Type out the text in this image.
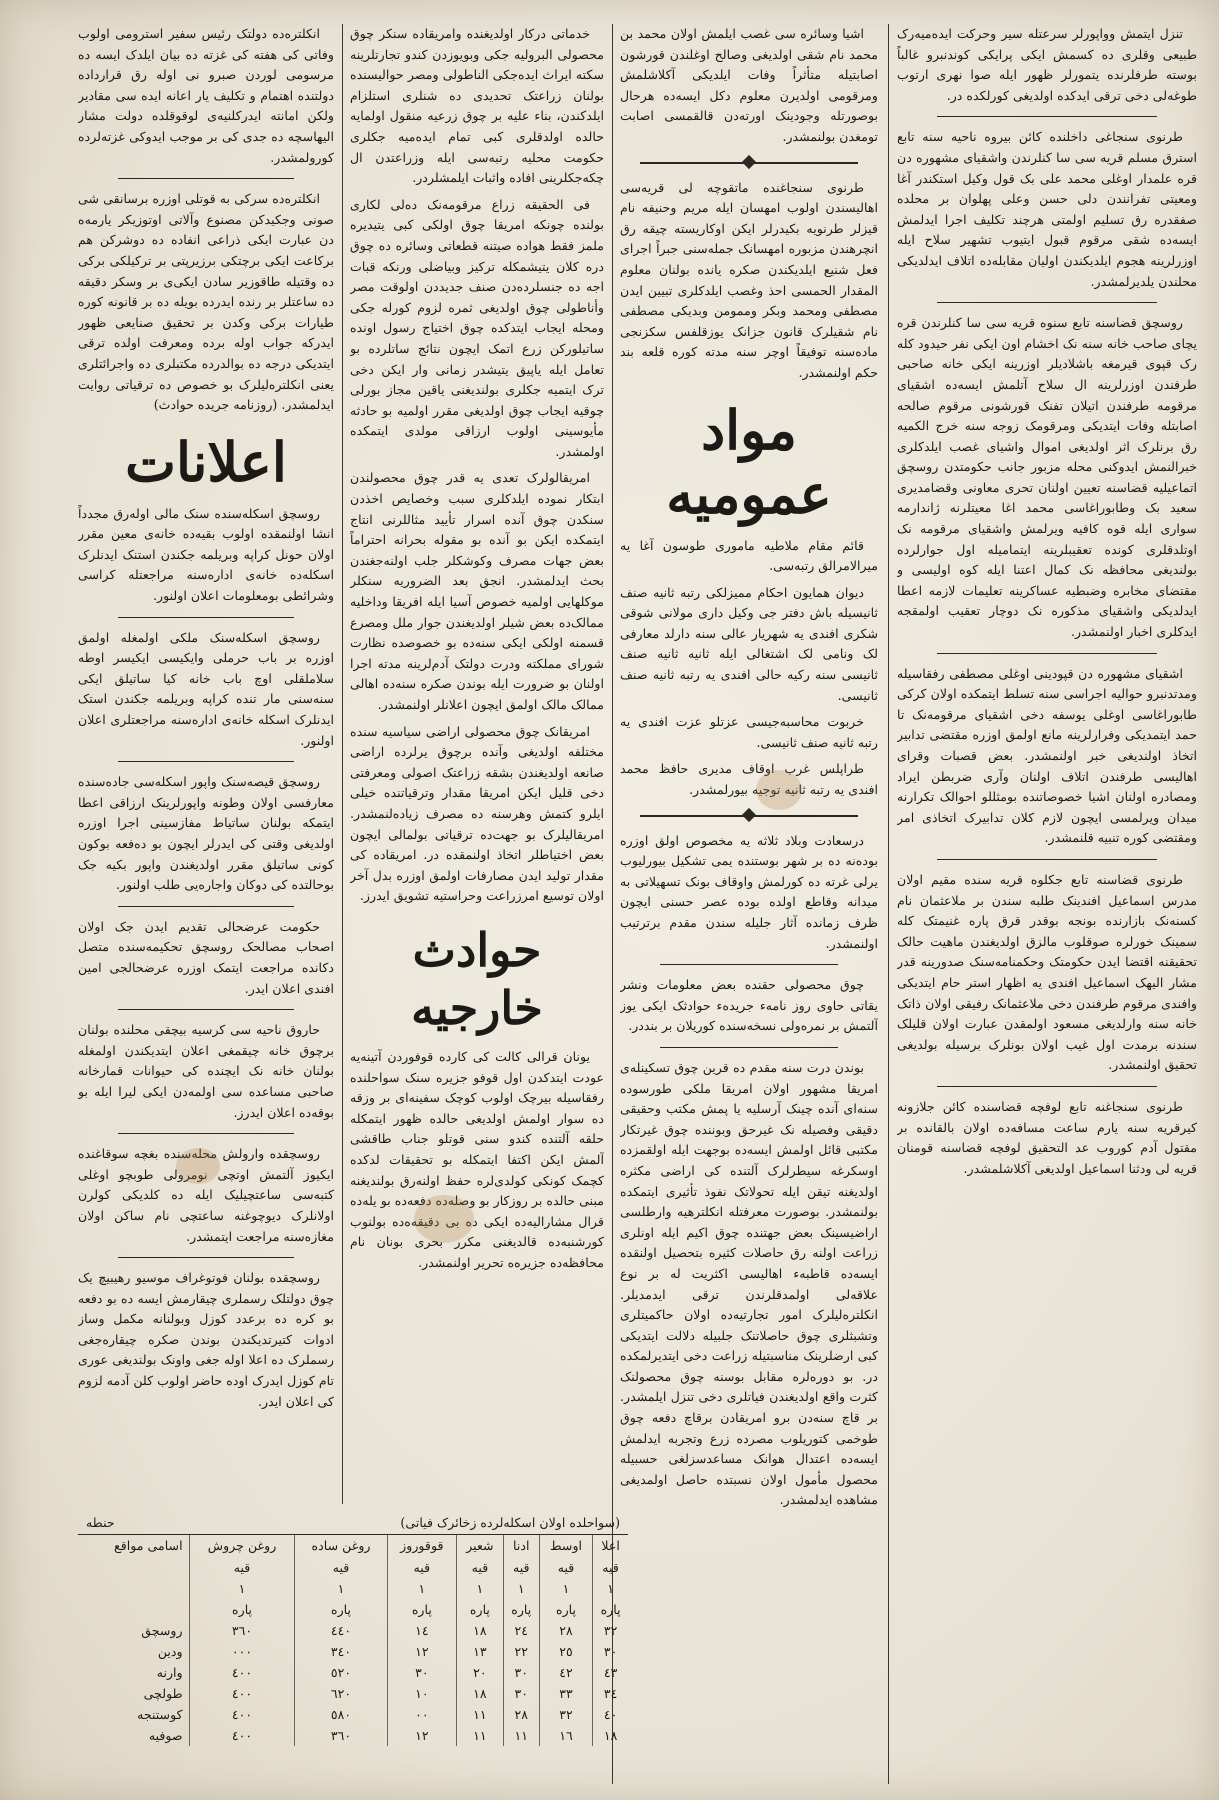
تنزل ایتمش وواپورلر سرعتله سیر وحرکت ایده‌میه‌رک طبیعی وقلری ده کسمش ایکی پرایکی کوندنبرو غالباً بوسته طرفلرنده یتمورلر ظهور ایله صوا نهری ارتوب طوغه‌لی دخی ترقی ایدکده اولدیغی کورلکده در.

طرنوی سنجاغی داخلنده کائن بیروه ناحیه سنه تابع استرق مسلم قریه سی سا کنلرندن واشقیای مشهوره دن قره علمدار اوغلی محمد علی بک قول وکیل استکندر آغا ومعیتی تفرانندن دلی حسن وعلی پهلوان بر محلده صفقدره رق تسلیم اولمتی هرچند تکلیف اجرا ایدلمش ایسه‌ده شقی مرقوم قبول ایتیوب تشهیر سلاح ایله اوزرلرینه هجوم ایلدیکندن اولیان مقابله‌ده اتلاف ایدلدیکی محلندن یلدیرلمشدر.

روسچق قضاسنه تابع سنوه قریه سی سا کنلرندن قره یچای صاحب خانه سنه نک اخشام اون ایکی نفر حیدود کله رک قپوی قیرمغه باشلادیلر اوزرینه ایکی خانه صاحبی طرفندن اوزرلرینه ال سلاح آتلمش ایسه‌ده اشقیای مرقومه طرفندن اتیلان تفنک قورشونی مرقوم صالحه اصابتله وفات ایتدیکی ومرقومک زوجه سنه خرج الکمیه رق برنلرک اثر اولدیغی اموال واشیای غصب ایلدکلری خبرالنمش ایدوکنی محله مزبور جانب حکومتدن روسچق اتماعیلیه قضاسنه تعیین اولنان تحری معاونی وقضامدیری سعید بک وطابوراغاسی محمد اغا معیتلرنه ژاندارمه سواری ایله قوه کافیه ویرلمش واشقیای مرقومه نک اوتلدقلری کونده تعقیبلرینه ایتمامیله اول جوارلرده بولندیغی محافظه نک کمال اعتنا ایله کوه اولیسی و مقتضای مخابره وضبطیه عساکرینه تعلیمات لازمه اعطا ایدلدیکی واشقیای مذکوره نک دوچار تعقیب اولمقجه ایدکلری اخبار اولنمشدر.

اشقیای مشهوره دن قپودینی اوغلی مصطفی رفقاسیله ومدتدنبرو حوالیه اجراسی سنه تسلط ایتمکده اولان کرکی طابوراغاسی اوغلی یوسفه دخی اشقیای مرقومه‌نک تا حمد ایتمدیکی وفرارلرینه مانع اولمق اوزره مقتضی تدابیر اتخاذ اولندیغی خبر اولنمشدر. بعض قصبات وقرای اهالیسی طرفندن اتلاف اولنان وآری ضربطن ایراد ومصادره اولنان اشیا خصوصاتنده بومثللو احوالک تکرارنه میدان ویرلمسی ایچون لازم کلان تدابیرک اتخاذی امر ومقتضی کوره تنبیه قلنمشدر.

طرنوی قضاسنه تابع جکلوه قریه سنده مقیم اولان مدرس اسماعیل افندینک طلبه سندن بر ملاعثمان نام کسنه‌نک بازارنده بونجه بوقدر قرق پاره غنیمتک کله سمینک خورلره صوقلوب مالزق اولدیغندن ماهیت حالک تحقیقنه اقتضا ایدن حکومتک وحکمنامه‌سنک صدورینه قدر مشار الیهک اسماعیل افندی یه اظهار استر حام ایتدیکی وافندی مرقوم طرفندن دخی ملاعثمانک رفیقی اولان ذاتک خانه سنه وارلدیغی مسعود اولمقدن عبارت اولان قلیلک سندنه برمدت اول غیب اولان بونلرک برسیله بولدیغی تحقیق اولنمشدر.

طرنوی سنجاغنه تابع لوفچه قضاسنده کائن جلازونه کیرقریه سنه یارم ساعت مسافه‌ده اولان بالقانده بر مقتول آدم کوروب عد التحقیق لوفچه قضاسنه قومنان قریه لی ودثنا اسماعیل اولدیغی آکلاشلمشدر.

اشیا وسائره سی غصب ایلمش اولان محمد بن محمد نام شقی اولدیغی وصالح اوغلندن قورشون اصابتیله متأثراً وفات ایلدیکی آکلاشلمش ومرقومی اولدیرن معلوم دکل ایسه‌ده هرحال بوصورتله وجودینک اورته‌دن قالقمسی اصابت تومغدن بولنمشدر.

طرنوی سنجاغنده ماتقوچه لی قریه‌سی اهالیسندن اولوب امهسان ایله مریم وحنیفه نام قیزلر طرنویه بکیدرلر ایکن اوکاریسته چیقه رق انچرهندن مزبوره امهسانک جمله‌سنی جبراً اجرای فعل شنیع ایلدیکندن صکره یانده بولنان معلوم المقدار الحمسی احذ وغصب ایلدکلری تبیین ایدن مصطفی ومحمد وبکر وممومن وبدیکی مصطفی نام شقیلرک قانون جزانک یوزقلفس سکزنجی ماده‌سنه توفیقاً اوچر سنه مدته کوره قلعه بند حکم اولنمشدر.

مواد عمومیه

قائم مقام ملاطیه ماموری طوسون آغا یه میرالامرالق رتبه‌سی.

دیوان همایون احکام ممیزلکی رتبه ثانیه صنف ثانیسیله باش دفتر جی وکیل داری مولانی شوقی شکری افندی یه شهریار عالی سنه دارلد معارفی لک ونامی لک اشتغالی ایله ثانیه ثانیه صنف ثانیسی سنه رکیه حالی افندی یه رتبه ثانیه صنف ثانیسی.

خربوت محاسبه‌جیسی عزتلو عزت افندی یه رتبه ثانیه صنف ثانیسی.

طراپلس غرب اوقاف مدیری حافظ محمد افندی یه رتبه ثانیه توجیه بیورلمشدر.

درسعادت وبلاد ثلاثه یه مخصوص اولق اوزره بوده‌نه ده بر شهر بوستنده یمی تشکیل بیورلیوب یرلی غرته ده کورلمش واوقاف بونک تسهیلاتی به میدانه وقاطع اولده بوده عصر حسنی ایچون ظرف زمانده آثار جلیله سندن مقدم برترتیب اولنمشدر.

چوق محصولی حقنده بعض معلومات ونشر یقاتی حاوی روز نامه‌ء جریده‌ء حوادثک ایکی یوز آلتمش بر نمره‌ولی نسخه‌سنده کوریلان بر بنددر.

بوندن درت سنه مقدم ده قرین چوق تسکینله‌ی امریقا مشهور اولان امریقا ملکی طورسوده سنه‌ای آنده چینک آرسلیه یا پمش مکتب وحقیقی دقیقی وفصیله نک غیرحق وبوننده چوق غیرتکار مکتبی قائل اولمش ایسه‌ده بوجهت ایله اولقمزده اوسکرغه سیطرلرک آلتنده کی اراضی مکثره اولدیغنه تیقن ایله تحولاتک نفوذ تأثیری ایتمکده بولنمشدر. بوصورت معرفتله انکلترهیه وارطلسی اراضیسینک بعض جهتنده چوق اکیم ایله اونلری زراعت اولنه رق حاصلات کثیره بتحصیل اولنقده ایسه‌ده قاطبه‌ء اهالیسی اکثریت له بر نوع علاقه‌لی اولمدقلرندن ترقی ایدمدیلر. انکلتره‌لیلرک امور تجارتیه‌ده اولان حاکمیتلری وتشبثلری چوق حاصلاتنک جلبیله دلالت ایتدیکی کبی ارضلرینک مناسبتیله زراعت دخی ایتدیرلمکده در. بو دوره‌لره مقابل بوسنه چوق محصولنک کثرت واقع اولدیغندن فیاتلری دخی تنزل ایلمشدر. بر قاچ سنه‌دن برو امریقادن برقاچ دفعه چوق طوخمی کتوریلوب مصرده زرع وتجربه ایدلمش ایسه‌ده اعتدال هوانک مساعدسزلغی حسبیله محصول مأمول اولان نسبتده حاصل اولمدیغی مشاهده ایدلمشدر.

خدماتی درکار اولدیغنده وامریقاده سنکر چوق محصولی البرولیه جکی وبویوزدن کندو تجارتلرینه سکته ایراث ایده‌جکی الناطولی ومصر حوالیسنده بولنان زراعتک تحدیدی ده شنلری استلزام ایلدکندن، بناء علیه بر چوق زرعیه منقول اولمایه حالده اولدقلری کبی تمام ایده‌میه جکلری حکومت محلیه رتبه‌سی ایله وزراعتدن ال چکه‌جکلرینی افاده واثبات ایلمشلردر.

فی الحقیقه زراع مرقومه‌نک ده‌لی لکاری بولنده چونکه امریقا چوق اولکی کبی یتیدیره ملمز فقط هواده صیتنه قطعاتی وسائره ده چوق دره کلان یتیشمکله ترکیز وبیاضلی ورنکه قبات اجه ده جنسلرده‌دن صنف جدیددن اولوقت مصر وأناطولی چوق اولدیغی ثمره لزوم کورله جکی ومحله ایجاب ایتدکده چوق اختیاج رسول اونده ساتیلورکن زرع اتمک ایچون نتائج ساتلرده بو تعامل ایله یاپیق یتیشدر زمانی وار ایکن دخی ترک ایتمیه جکلری بولندیغنی یاقین مجاز بورلی چوقیه ایجاب چوق اولدیغی مقرر اولمیه بو حادثه مأیوسینی اولوب ارزاقی مولدی ایتمکده اولمشدر.

امریقالولرک تعدی یه قدر چوق محصولندن ابتکار نموده ایلدکلری سبب وخصایص اخذدن سنکدن چوق آنده اسرار تأیید مثاللرنی انتاج ایتمکده ایکن بو آنده بو مقوله بحرانه احتراماً بعض جهات مصرف وکوشکلر جلب اولنه‌جغندن بحث ایدلمشدر. انجق بعد الضروریه سنکلر موکلهایی اولمیه خصوص آسیا ایله افریقا وداخلیه ممالک‌ده بعض شیلر اولدیغندن جوار ملل ومصرع قسمنه اولکی ایکی سنه‌ده بو خصوصده نظارت شورای مملکته ودرت دولتک آدم‌لرینه مدته اجرا اولنان بو ضرورت ایله بوندن صکره سنه‌ده اهالی ممالک مالک اولمق ایچون اعلانلر اولنمشدر.

امریقانک چوق محصولی اراضی سیاسیه سنده مختلفه اولدیغی وآنده برچوق یرلرده اراضی صانعه اولدیغندن بشقه زراعتک اصولی ومعرفتی دخی قلیل ایکن امریقا مقدار وترقیاتنده خیلی ایلرو کتمش وهرسنه ده مصرف زیاده‌لنمشدر. امریقالیلرک بو جهت‌ده ترقیاتی بولمالی ایچون بعض اختیاطلر اتخاذ اولنمقده در. امریقاده کی مقدار تولید ایدن مصارفات اولمق اوزره بدل آخر اولان توسیع امرزراعت وحراستیه تشویق ایدرز.

حوادث خارجیه

یونان قرالی کالت کی کارده قوفوردن آتینه‌یه عودت ایتدکدن اول قوفو جزیره سنک سواحلنده رفقاسیله بیرچک اولوب کوچک سفینه‌ای بر وزقه ده سوار اولمش اولدیغی حالده ظهور ایتمکله حلقه آلتنده کندو سنی قوتلو جناب طاقشی آلمش ایکن اکتفا ایتمکله بو تحقیقات لدکده کچمک کونکی کولدی‌لره حفظ اولنه‌رق بولندیغنه مبنی حالده بر روزکار بو وصله‌ده دفعه‌ده بو یله‌ده قرال مشارالیه‌ده ایکی ده بی دقیقه‌ه‌ده بولنوب کورشنبه‌ده قالدیغنی مکرر بحری بونان نام محافظه‌ده جزیره‌ه تحریر اولنمشدر.

انکلتره‌ده دولتک رئیس سفیر استرومی اولوب وفاتی کی هفته کی غزته ده بیان ایلدک ایسه ده مرسومی لوردن صبرو نی اوله رق قرارداده دولتنده اهتمام و تکلیف یار اعانه ایده سی مقادیر ولکن امانته ایدرکلنیه‌ی لوقوقلده دولت مشار الیهاسچه ده جدی کی بر موجب ایدوکی غزته‌لرده کورولمشدر.

انکلتره‌ده سرکی به قوتلی اوزره برسانقی شی صونی وجکیدکن مصنوع وآلاتی اوتوزیکر یارمه‌ه دن عبارت ایکی ذراعی انفاده ده دوشرکن هم برکاعت ایکی برچتکی برزیرپتی بر ترکیلکی برکی ده وقتیله طاقوزیر سادن ایکی‌ی بر وسکر دقیقه ده ساعتلر بر رنده ایدرده بویله ده بر قانونه کوره طیارات برکی وکدن بر تحقیق صنایعی ظهور ایدرکه جواب اوله برده ومعرفت اولده ترقی ایتدیکی درجه ده بوالدرده مکتبلری ده واجرائتلری یعنی انکلتره‌لیلرک بو خصوص ده ترقیاتی روایت ایدلمشدر. (روزنامه جریده حوادث)

اعلانات

روسچق اسکله‌سنده سنک مالی اوله‌رق مجدداً انشا اولنمقده اولوب بقیه‌ده خانه‌ی معین مقرر اولان حونل کراپه وبریلمه جکندن استنک ایدنلرک اسکله‌ده خانه‌ی اداره‌سنه مراجعتله کراسی وشرائطی بومعلومات اعلان اولنور.

روسچق اسکله‌سنک ملکی اولمغله اولمق اوزره بر باب حرملی وایکیسی ایکیسر اوطه سلاملقلی اوچ باب خانه کیا ساتیلق ایکی سنه‌سنی مار تنده کراپه وبریلمه جکندن استک ایدنلرک اسکله خانه‌ی اداره‌سنه مراجعتلری اعلان اولنور.

روسچق قیصه‌سنک واپور اسکله‌سی جاده‌سنده معارفسی اولان وطونه واپورلرینک ارزاقی اعطا ایتمکه بولنان ساتیاط مفازسینی اجرا اوزره اولدیغی وقتی کی ایدرلر ایچون بو ده‌فعه بوکون کونی ساتیلق مقرر اولدیغندن واپور بکیه جک بوحالتده کی دوکان واجاره‌یی طلب اولنور.

حکومت عرضحالی تقدیم ایدن جک اولان اصحاب مصالحک روسچق تحکیمه‌سنده متصل دکانده مراجعت ایتمک اوزره عرضحالجی امین افندی اعلان ایدر.

حاروق ناحیه سی کرسیه بیچقی محلنده بولنان برچوق خانه چیقمغی اعلان ایتدیکندن اولمغله بولنان خانه نک ایچنده کی حیوانات قمارخانه صاحبی مساعده سی اولمه‌دن ایکی لیرا ایله بو بوقه‌ده اعلان ایدرز.

روسچقده وارولش محله‌سنده بغچه سوقاغنده ایکیوز آلتمش اوتچی نومرولی طوبچو اوغلی کتبه‌سی ساعتچیلیک ایله ده کلدیکی کولرن اولانلرک دیوچوغنه ساعتچی نام ساکن اولان مغازه‌سنه مراجعت ایتمشدر.

روسچقده بولنان فوتوغراف موسیو رهیبیچ یک چوق دولتلک رسملری چیقارمش ایسه ده بو دفعه بو کره ده برعدد کوزل وبولنانه مکمل وساز ادوات کتیرتدیکندن بوندن صکره چیقاره‌جغی رسملرک ده اعلا اوله جغی واونک بولندیغی عوری تام کوزل ایدرک اوده حاضر اولوب کلن آدمه لزوم کی اعلان ایدر.

(سواحلده اولان اسکله‌لرده زخائرک فیاتی)
حنطه
اعلا	اوسط	ادنا	شعیر	قوقوروز	روغن ساده	روغن چروش	اسامی مواقع
قیه	قیه	قیه	قیه	قیه	قیه	قیه	
١	١	١	١	١	١	١	
پاره	پاره	پاره	پاره	پاره	پاره	پاره	
٣٢	٢٨	٢٤	١٨	١٤	٤٤٠	٣٦٠	روسچق
٣٠	٢٥	٢٢	١٣	١٢	٣٤٠	٠٠٠	ودین
٤٣	٤٢	٣٠	٢٠	٣٠	٥٢٠	٤٠٠	وارنه
٣٤	٣٣	٣٠	١٨	١٠	٦٢٠	٤٠٠	طولچی
٤٠	٣٢	٢٨	١١	٠٠	٥٨٠	٤٠٠	کوستنجه
١٨	١٦	١١	١١	١٢	٣٦٠	٤٠٠	صوفیه
